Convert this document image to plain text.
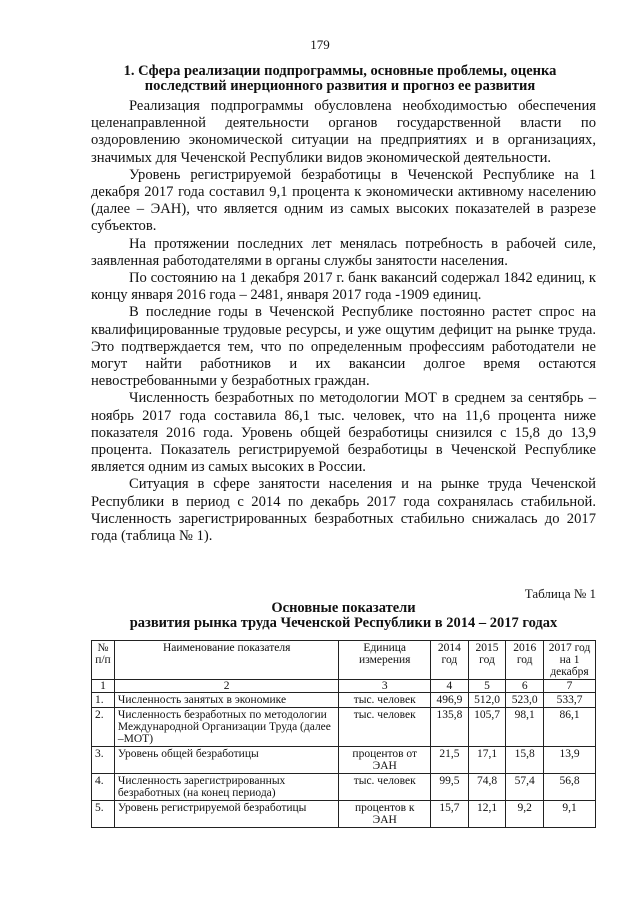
179
1. Сфера реализации подпрограммы, основные проблемы, оценка
последствий инерционного развития и прогноз ее развития

Реализация подпрограммы обусловлена необходимостью обеспечения целенаправленной деятельности органов государственной власти по оздоровлению экономической ситуации на предприятиях и в организациях, значимых для Чеченской Республики видов экономической деятельности.

Уровень регистрируемой безработицы в Чеченской Республике на 1 декабря 2017 года составил 9,1 процента к экономически активному населению (далее – ЭАН), что является одним из самых высоких показателей в разрезе субъектов.

На протяжении последних лет менялась потребность в рабочей силе, заявленная работодателями в органы службы занятости населения.

По состоянию на 1 декабря 2017 г. банк вакансий содержал 1842 единиц, к концу января 2016 года – 2481, января 2017 года -1909 единиц.

В последние годы в Чеченской Республике постоянно растет спрос на квалифицированные трудовые ресурсы, и уже ощутим дефицит на рынке труда. Это подтверждается тем, что по определенным профессиям работодатели не могут найти работников и их вакансии долгое время остаются невостребованными у безработных граждан.

Численность безработных по методологии МОТ в среднем за сентябрь – ноябрь 2017 года составила 86,1 тыс. человек, что на 11,6 процента ниже показателя 2016 года. Уровень общей безработицы снизился с 15,8 до 13,9 процента. Показатель регистрируемой безработицы в Чеченской Республике является одним из самых высоких в России.

Ситуация в сфере занятости населения и на рынке труда Чеченской Республики в период с 2014 по декабрь 2017 года сохранялась стабильной. Численность зарегистрированных безработных стабильно снижалась до 2017 года (таблица № 1).

Таблица № 1
Основные показатели
развития рынка труда Чеченской Республики в 2014 – 2017 годах
№ п/п	Наименование показателя	Единица измерения	2014 год	2015 год	2016 год	2017 год на 1 декабря
1	2	3	4	5	6	7
1.	Численность занятых в экономике	тыс. человек	496,9	512,0	523,0	533,7
2.	Численность безработных по методологии Международной Организации Труда (далее –МОТ)	тыс. человек	135,8	105,7	98,1	86,1
3.	Уровень общей безработицы	процентов от ЭАН	21,5	17,1	15,8	13,9
4.	Численность зарегистрированных безработных (на конец периода)	тыс. человек	99,5	74,8	57,4	56,8
5.	Уровень регистрируемой безработицы	процентов к ЭАН	15,7	12,1	9,2	9,1
